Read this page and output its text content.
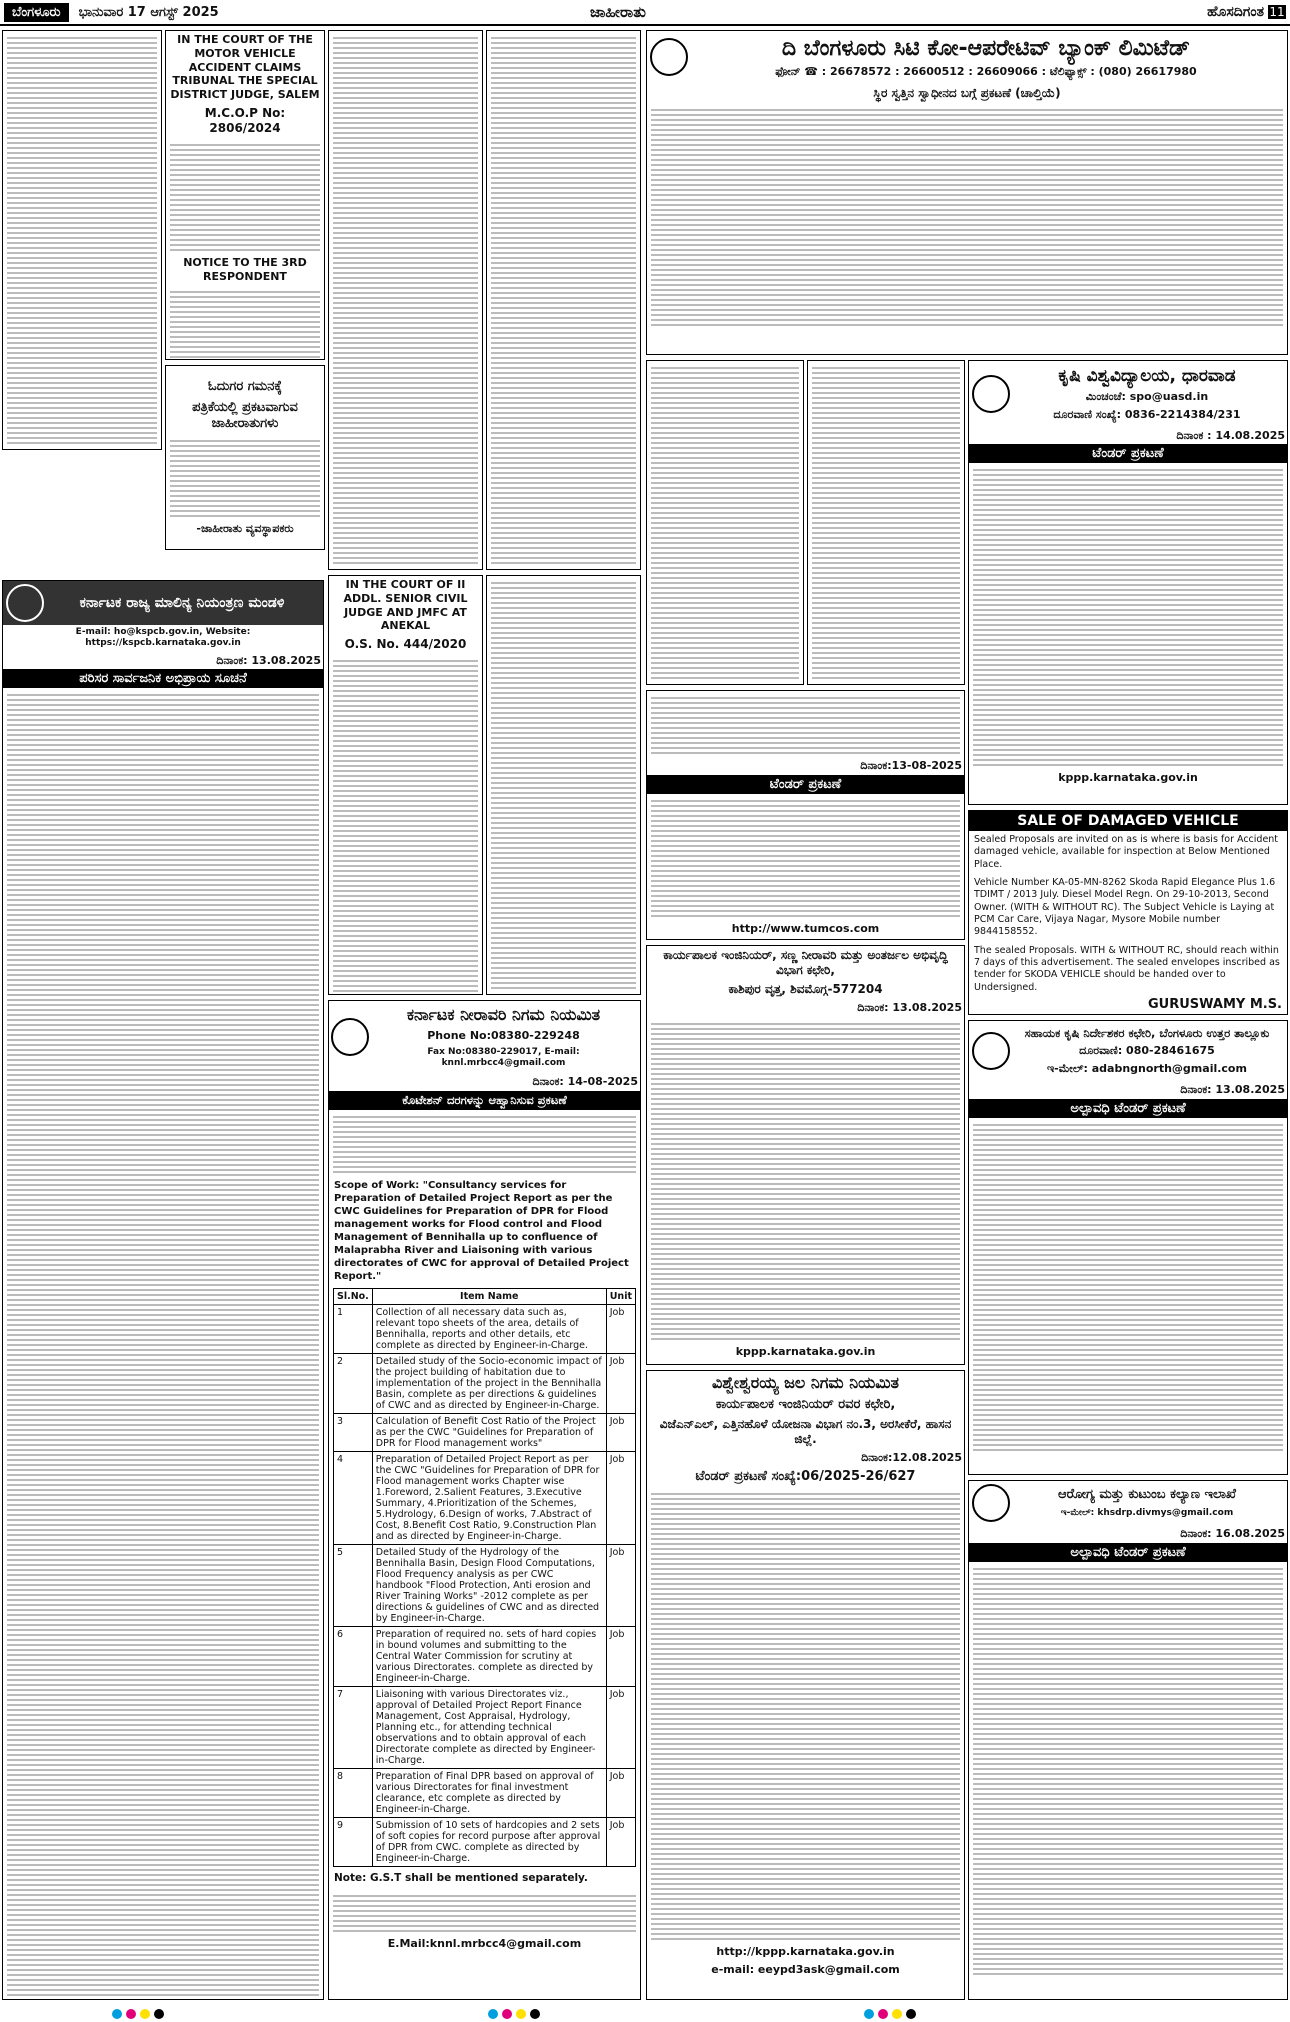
ಬೆಂಗಳೂರು	ಭಾನುವಾರ 17 ಆಗಸ್ಟ್ 2025	ಜಾಹೀರಾತು	ಹೊಸದಿಗಂತ 11
IN THE COURT OF THE MOTOR VEHICLE ACCIDENT CLAIMS TRIBUNAL THE SPECIAL DISTRICT JUDGE, SALEM
M.C.O.P No: 2806/2024
NOTICE TO THE 3RD RESPONDENT
ಓದುಗರ ಗಮನಕ್ಕೆ
ಪತ್ರಿಕೆಯಲ್ಲಿ ಪ್ರಕಟವಾಗುವ ಜಾಹೀರಾತುಗಳು
-ಜಾಹೀರಾತು ವ್ಯವಸ್ಥಾಪಕರು
ದಿ ಬೆಂಗಳೂರು ಸಿಟಿ ಕೋ-ಆಪರೇಟಿವ್ ಬ್ಯಾಂಕ್ ಲಿಮಿಟೆಡ್
ಫೋನ್ ☎ : 26678572 : 26600512 : 26609066 : ಟೆಲಿಫ್ಯಾಕ್ಸ್ : (080) 26617980
ಸ್ಥಿರ ಸ್ವತ್ತಿನ ಸ್ವಾಧೀನದ ಬಗ್ಗೆ ಪ್ರಕಟಣೆ (ಚಾಲ್ತಿಯೆ)
ಕೃಷಿ ವಿಶ್ವವಿದ್ಯಾಲಯ, ಧಾರವಾಡ
ಮಿಂಚಂಚೆ: spo@uasd.in
ದೂರವಾಣಿ ಸಂಖ್ಯೆ: 0836-2214384/231
ದಿನಾಂಕ : 14.08.2025
ಟೆಂಡರ್ ಪ್ರಕಟಣೆ
kppp.karnataka.gov.in
SALE OF DAMAGED VEHICLE
Sealed Proposals are invited on as is where is basis for Accident damaged vehicle, available for inspection at Below Mentioned Place.
Vehicle Number KA-05-MN-8262 Skoda Rapid Elegance Plus 1.6 TDIMT / 2013 July. Diesel Model Regn. On 29-10-2013, Second Owner. (WITH & WITHOUT RC). The Subject Vehicle is Laying at PCM Car Care, Vijaya Nagar, Mysore Mobile number 9844158552.
The sealed Proposals. WITH & WITHOUT RC, should reach within 7 days of this advertisement. The sealed envelopes inscribed as tender for SKODA VEHICLE should be handed over to Undersigned.
GURUSWAMY M.S.
IN THE COURT OF II ADDL. SENIOR CIVIL JUDGE AND JMFC AT ANEKAL
O.S. No. 444/2020
ಕರ್ನಾಟಕ ರಾಜ್ಯ ಮಾಲಿನ್ಯ ನಿಯಂತ್ರಣ ಮಂಡಳಿ
E-mail: ho@kspcb.gov.in, Website: https://kspcb.karnataka.gov.in
ದಿನಾಂಕ: 13.08.2025
ಪರಿಸರ ಸಾರ್ವಜನಿಕ ಅಭಿಪ್ರಾಯ ಸೂಚನೆ
ದಿನಾಂಕ:13-08-2025
ಟೆಂಡರ್ ಪ್ರಕಟಣೆ
http://www.tumcos.com
ಕಾರ್ಯಪಾಲಕ ಇಂಜಿನಿಯರ್, ಸಣ್ಣ ನೀರಾವರಿ ಮತ್ತು ಅಂತರ್ಜಲ ಅಭಿವೃದ್ಧಿ ವಿಭಾಗ ಕಛೇರಿ,
ಕಾಶಿಪುರ ವೃತ್ತ, ಶಿವಮೊಗ್ಗ-577204
ದಿನಾಂಕ: 13.08.2025
kppp.karnataka.gov.in
ಕರ್ನಾಟಕ ನೀರಾವರಿ ನಿಗಮ ನಿಯಮಿತ
Phone No:08380-229248
Fax No:08380-229017, E-mail: knnl.mrbcc4@gmail.com
ದಿನಾಂಕ: 14-08-2025
ಕೊಟೇಶನ್ ದರಗಳನ್ನು ಆಹ್ವಾನಿಸುವ ಪ್ರಕಟಣೆ
Scope of Work: "Consultancy services for Preparation of Detailed Project Report as per the CWC Guidelines for Preparation of DPR for Flood management works for Flood control and Flood Management of Bennihalla up to confluence of Malaprabha River and Liaisoning with various directorates of CWC for approval of Detailed Project Report."
Sl.No.	Item Name	Unit
1	Collection of all necessary data such as, relevant topo sheets of the area, details of Bennihalla, reports and other details, etc complete as directed by Engineer-in-Charge.	Job
2	Detailed study of the Socio-economic impact of the project building of habitation due to implementation of the project in the Bennihalla Basin, complete as per directions & guidelines of CWC and as directed by Engineer-in-Charge.	Job
3	Calculation of Benefit Cost Ratio of the Project as per the CWC "Guidelines for Preparation of DPR for Flood management works"	Job
4	Preparation of Detailed Project Report as per the CWC "Guidelines for Preparation of DPR for Flood management works Chapter wise 1.Foreword, 2.Salient Features, 3.Executive Summary, 4.Prioritization of the Schemes, 5.Hydrology, 6.Design of works, 7.Abstract of Cost, 8.Benefit Cost Ratio, 9.Construction Plan and as directed by Engineer-in-Charge.	Job
5	Detailed Study of the Hydrology of the Bennihalla Basin, Design Flood Computations, Flood Frequency analysis as per CWC handbook "Flood Protection, Anti erosion and River Training Works" -2012 complete as per directions & guidelines of CWC and as directed by Engineer-in-Charge.	Job
6	Preparation of required no. sets of hard copies in bound volumes and submitting to the Central Water Commission for scrutiny at various Directorates. complete as directed by Engineer-in-Charge.	Job
7	Liaisoning with various Directorates viz., approval of Detailed Project Report Finance Management, Cost Appraisal, Hydrology, Planning etc., for attending technical observations and to obtain approval of each Directorate complete as directed by Engineer-in-Charge.	Job
8	Preparation of Final DPR based on approval of various Directorates for final investment clearance, etc complete as directed by Engineer-in-Charge.	Job
9	Submission of 10 sets of hardcopies and 2 sets of soft copies for record purpose after approval of DPR from CWC. complete as directed by Engineer-in-Charge.	Job
Note: G.S.T shall be mentioned separately.
E.Mail:knnl.mrbcc4@gmail.com
ಸಹಾಯಕ ಕೃಷಿ ನಿರ್ದೇಶಕರ ಕಛೇರಿ, ಬೆಂಗಳೂರು ಉತ್ತರ ತಾಲ್ಲೂಕು
ದೂರವಾಣಿ: 080-28461675
ಇ-ಮೇಲ್: adabngnorth@gmail.com
ದಿನಾಂಕ: 13.08.2025
ಅಲ್ಪಾವಧಿ ಟೆಂಡರ್ ಪ್ರಕಟಣೆ
ವಿಶ್ವೇಶ್ವರಯ್ಯ ಜಲ ನಿಗಮ ನಿಯಮಿತ
ಕಾರ್ಯಪಾಲಕ ಇಂಜಿನಿಯರ್ ರವರ ಕಛೇರಿ,
ವಿಜೆಎನ್ಎಲ್, ಎತ್ತಿನಹೊಳೆ ಯೋಜನಾ ವಿಭಾಗ ನಂ.3, ಅರಸೀಕೆರೆ, ಹಾಸನ ಜಿಲ್ಲೆ.
ದಿನಾಂಕ:12.08.2025
ಟೆಂಡರ್ ಪ್ರಕಟಣೆ ಸಂಖ್ಯೆ:06/2025-26/627
http://kppp.karnataka.gov.in
e-mail: eeypd3ask@gmail.com
ಆರೋಗ್ಯ ಮತ್ತು ಕುಟುಂಬ ಕಲ್ಯಾಣ ಇಲಾಖೆ
ಇ-ಮೇಲ್: khsdrp.divmys@gmail.com
ದಿನಾಂಕ: 16.08.2025
ಅಲ್ಪಾವಧಿ ಟೆಂಡರ್ ಪ್ರಕಟಣೆ
